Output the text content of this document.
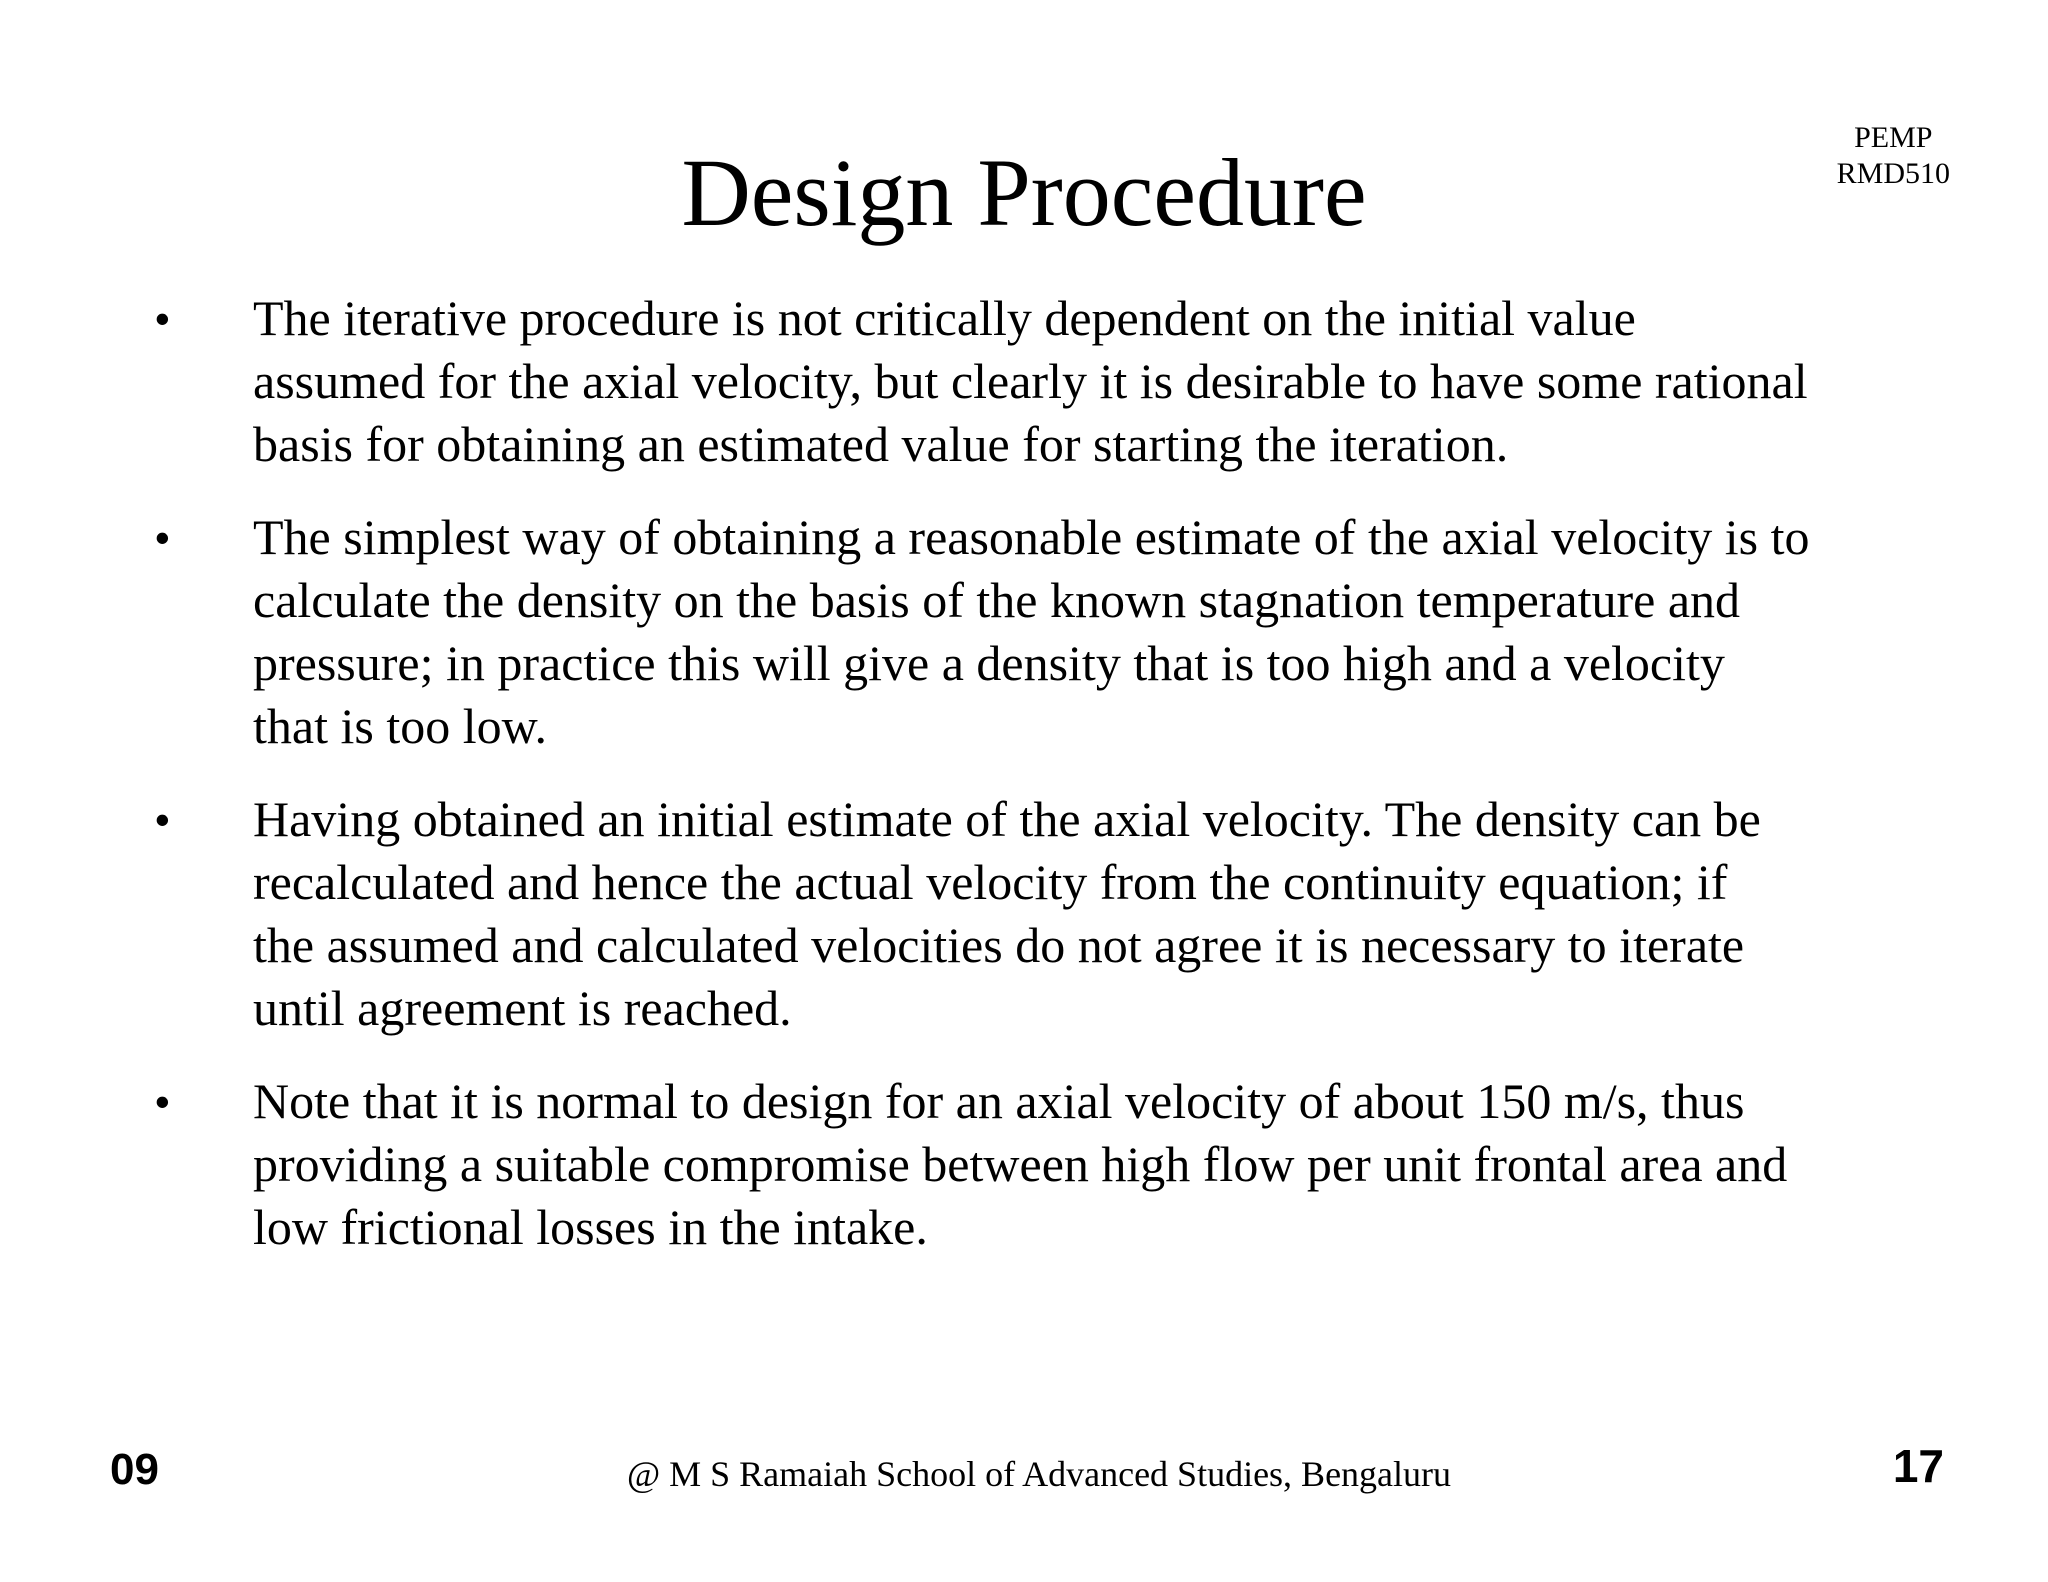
Design Procedure
PEMP
RMD510
• The iterative procedure is not critically dependent on the initial value
assumed for the axial velocity, but clearly it is desirable to have some rational
basis for obtaining an estimated value for starting the iteration.
• The simplest way of obtaining a reasonable estimate of the axial velocity is to
calculate the density on the basis of the known stagnation temperature and
pressure; in practice this will give a density that is too high and a velocity
that is too low.
• Having obtained an initial estimate of the axial velocity. The density can be
recalculated and hence the actual velocity from the continuity equation; if
the assumed and calculated velocities do not agree it is necessary to iterate
until agreement is reached.
• Note that it is normal to design for an axial velocity of about 150 m/s, thus
providing a suitable compromise between high flow per unit frontal area and
low frictional losses in the intake.
09	@ M S Ramaiah School of Advanced Studies, Bengaluru	17
